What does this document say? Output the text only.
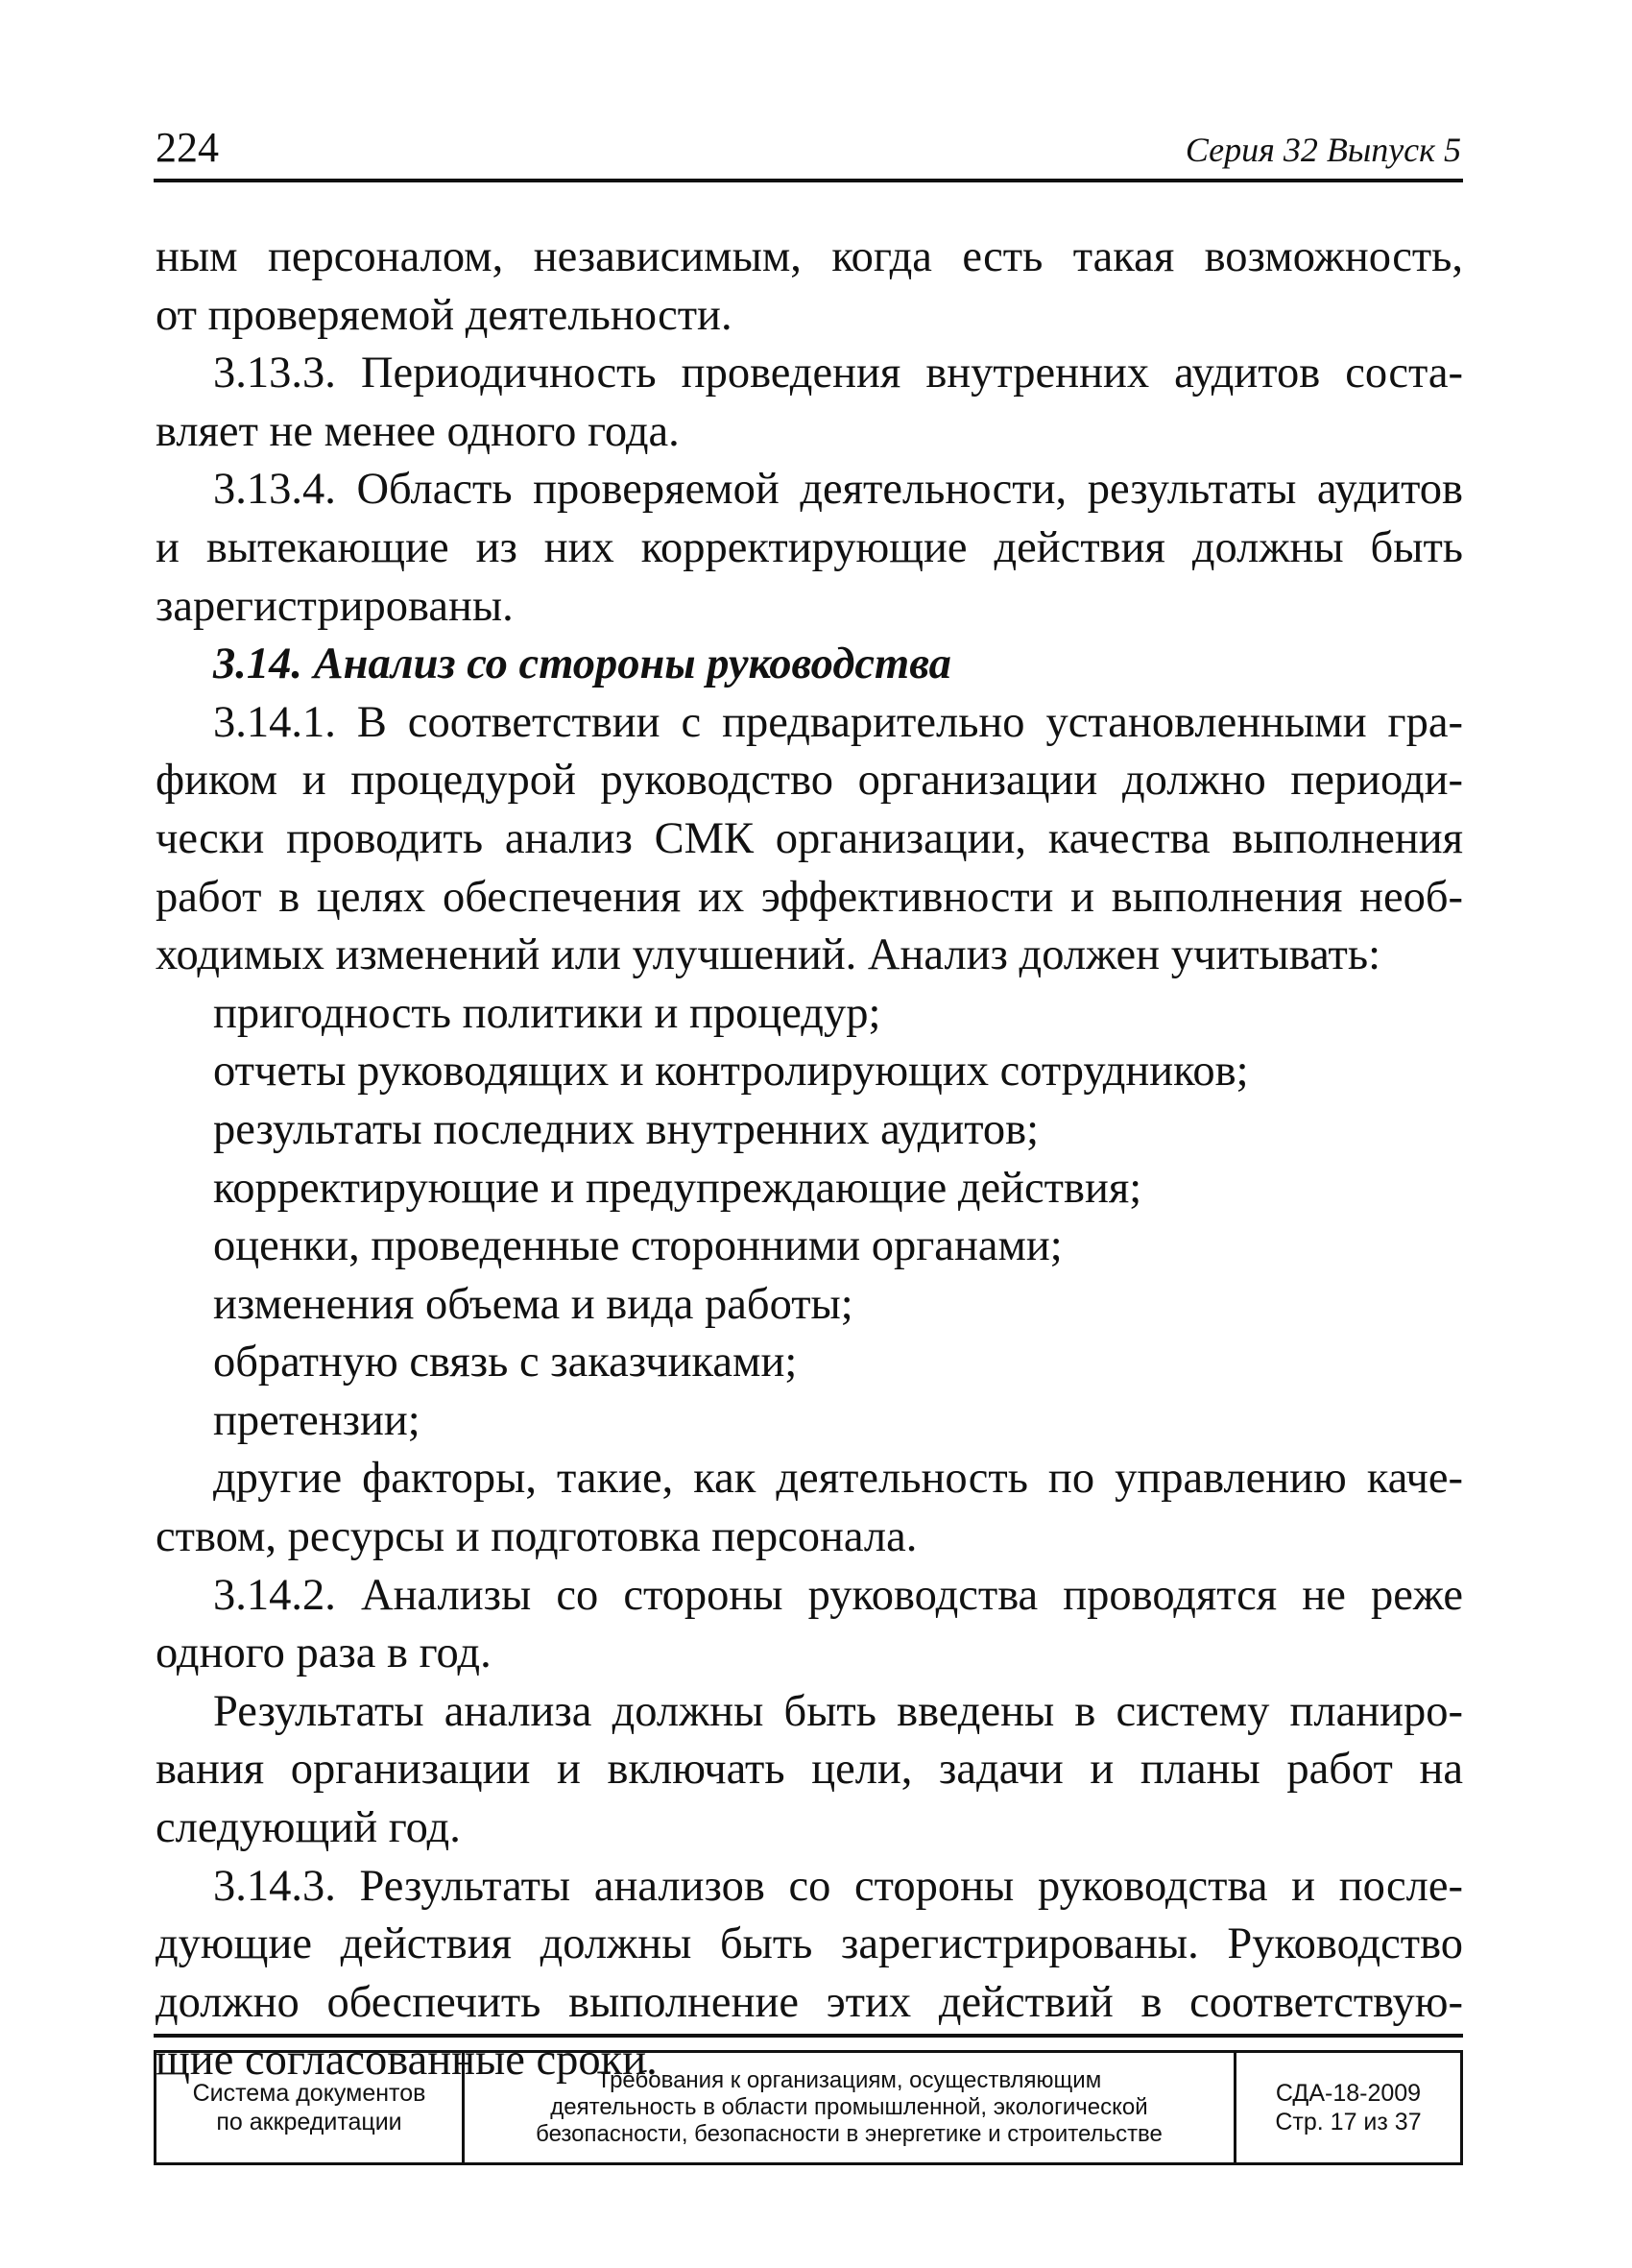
224	Серия 32 Выпуск 5
ным персоналом, независимым, когда есть такая возможность,
от проверяемой деятельности.
3.13.3. Периодичность проведения внутренних аудитов соста-
вляет не менее одного года.
3.13.4. Область проверяемой деятельности, результаты аудитов
и вытекающие из них корректирующие действия должны быть
зарегистрированы.
3.14. Анализ со стороны руководства
3.14.1. В соответствии с предварительно установленными гра-
фиком и процедурой руководство организации должно периоди-
чески проводить анализ СМК организации, качества выполнения
работ в целях обеспечения их эффективности и выполнения необ-
ходимых изменений или улучшений. Анализ должен учитывать:
пригодность политики и процедур;
отчеты руководящих и контролирующих сотрудников;
результаты последних внутренних аудитов;
корректирующие и предупреждающие действия;
оценки, проведенные сторонними органами;
изменения объема и вида работы;
обратную связь с заказчиками;
претензии;
другие факторы, такие, как деятельность по управлению каче-
ством, ресурсы и подготовка персонала.
3.14.2. Анализы со стороны руководства проводятся не реже
одного раза в год.
Результаты анализа должны быть введены в систему планиро-
вания организации и включать цели, задачи и планы работ на
следующий год.
3.14.3. Результаты анализов со стороны руководства и после-
дующие действия должны быть зарегистрированы. Руководство
должно обеспечить выполнение этих действий в соответствую-
щие согласованные сроки.
Система документов
по аккредитации
Требования к организациям, осуществляющим
деятельность в области промышленной, экологической
безопасности, безопасности в энергетике и строительстве
СДА-18-2009
Стр. 17 из 37
